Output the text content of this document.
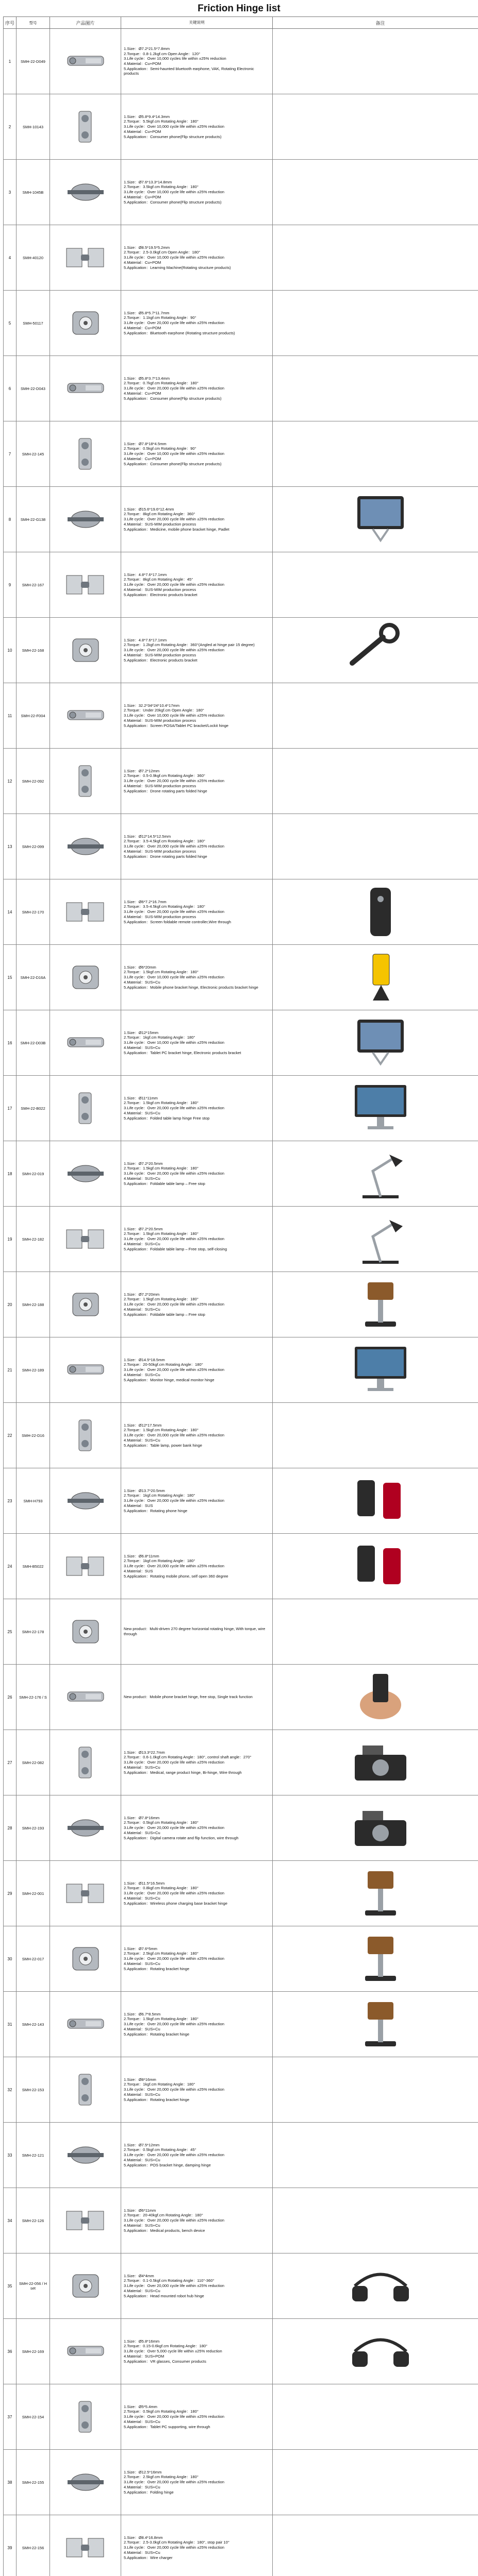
Friction Hinge list
序号	型号	产品图片	关键说明	备注
1	SMH-22-D049		1.Size：Ø7.2*21.5*7.8mm
2.Torque：0.8-1.2kgf.cm Open Angle：120°
3.Life cycle：Over 10,000 cycles life within ±25% reduction
4.Material：Cu+POM
5.Application：Semi-haunted bluetooth earphone, VAK, Rotating Electronic products	

2	SMH-10143		1.Size：Ø5.8*9.4*14.3mm
2.Torque：5.5kgf.cm Rotating Angle：180°
3.Life cycle：Over 10,000 cycle life within ±25% reduction
4.Material：Cu+POM
5.Application：Consumer phone(Flip structure products)	

3	SMH-1045B		1.Size：Ø7.6*13.3*14.8mm
2.Torque：3.5kgf.cm Rotating Angle：180°
3.Life cycle：Over 10,000 cycle life within ±25% reduction
4.Material：Cu+POM
5.Application：Consumer phone(Flip structure products)	

4	SMH-40120		1.Size：Ø8.5*19.5*5.2mm
2.Torque：2.5-3.0kgf.cm Open Angle：180°
3.Life cycle：Over 10,000 cycle life within ±25% reduction
4.Material：Cu+POM
5.Application：Learning Machine(Rotating structure products)	

5	SMH-50117		1.Size：Ø5.8*5.7*11.7mm
2.Torque：1.1kgf.cm Rotating Angle：90°
3.Life cycle：Over 20,000 cycle life within ±25% reduction
4.Material：Cu+POM
5.Application：Bluetooth earphone (Rotating structure products)	

6	SMH-22-D043		1.Size：Ø5.8*3.7*13.4mm
2.Torque：0.7kgf.cm Rotating Angle：180°
3.Life cycle：Over 20,000 cycle life within ±25% reduction
4.Material：Cu+POM
5.Application：Consumer phone(Flip structure products)	

7	SMH-22-145		1.Size：Ø7.8*18*4.5mm
2.Torque：0.5kgf.cm Rotating Angle：90°
3.Life cycle：Over 10,000 cycle life within ±25% reduction
4.Material：Cu+POM
5.Application：Consumer phone(Flip structure products)	

8	SMH-22-G138		1.Size：Ø15.6*19.6*12.4mm
2.Torque：8kgf.cm Rotating Angle：360°
3.Life cycle：Over 20,000 cycle life within ±25% reduction
4.Material：SUS-MIM production process
5.Application：Medicine, mobile phone bracket hinge, Padlet

9	SMH-22-167		1.Size：4.8*7.6*17.1mm
2.Torque：8kgf.cm Rotating Angle：45°
3.Life cycle：Over 20,000 cycle life within ±25% reduction
4.Material：SUS-MIM production process
5.Application：Electronic products bracket	

10	SMH-22-168		1.Size：4.8*7.6*17.1mm
2.Torque：1.2kgf.cm Rotating Angle：360°(Angled at hinge pair 15 degree)
3.Life cycle：Over 20,000 cycle life within ±25% reduction
4.Material：SUS-MIM production process
5.Application：Electronic products bracket

11	SMH-22-F004		1.Size：32.2*34*24*10.4*17mm
2.Torque：Under 20kgf.cm Open Angle：180°
3.Life cycle：Over 10,000 cycle life within ±25% reduction
4.Material：SUS-MIM production process
5.Application：Screen POSA/Tablet PC bracket/Lockit hinge	

12	SMH-22-092		1.Size：Ø7.2*12mm
2.Torque：0.5-0.9kgf.cm Rotating Angle：360°
3.Life cycle：Over 20,000 cycle life within ±25% reduction
4.Material：SUS-MIM production process
5.Application：Drone rotating parts folded hinge	

13	SMH-22-099		1.Size：Ø12*14.5*12.5mm
2.Torque：3.5-4.5kgf.cm Rotating Angle：180°
3.Life cycle：Over 20,000 cycle life within ±25% reduction
4.Material：SUS-MIM production process
5.Application：Drone rotating parts folded hinge	

14	SMH-22-170		1.Size：Ø6*7.2*16.7mm
2.Torque：3.5-4.5kgf.cm Rotating Angle：180°
3.Life cycle：Over 20,000 cycle life within ±25% reduction
4.Material：SUS-MIM production process
5.Application：Screen foldable remote controller,Wire through

15	SMH-22-D16A		1.Size：Ø6*20mm
2.Torque：1.5kgf.cm Rotating Angle：180°
3.Life cycle：Over 10,000 cycle life within ±25% reduction
4.Material：SUS+Cu
5.Application：Mobile phone bracket hinge, Electronic products bracket hinge

16	SMH-22-D03B		1.Size：Ø12*15mm
2.Torque：1kgf.cm Rotating Angle：180°
3.Life cycle：Over 10,000 cycle life within ±25% reduction
4.Material：SUS+Cu
5.Application：Tablet PC bracket hinge, Electronic products bracket

17	SMH-22-B022		1.Size：Ø11*11mm
2.Torque：1.5kgf.cm Rotating Angle：180°
3.Life cycle：Over 20,000 cycle life within ±25% reduction
4.Material：SUS+Cu
5.Application：Folded table lamp hinge Free stop

18	SMH-22-019		1.Size：Ø7.2*20.5mm
2.Torque：1.5kgf.cm Rotating Angle：180°
3.Life cycle：Over 20,000 cycle life within ±25% reduction
4.Material：SUS+Cu
5.Application：Foldable table lamp – Free stop

19	SMH-22-182		1.Size：Ø7.2*20.5mm
2.Torque：1.5kgf.cm Rotating Angle：180°
3.Life cycle：Over 20,000 cycle life within ±25% reduction
4.Material：SUS+Cu
5.Application：Foldable table lamp – Free stop, self-closing

20	SMH-22-188		1.Size：Ø7.2*20mm
2.Torque：1.5kgf.cm Rotating Angle：180°
3.Life cycle：Over 20,000 cycle life within ±25% reduction
4.Material：SUS+Cu
5.Application：Foldable table lamp – Free stop

21	SMH-22-189		1.Size：Ø14.5*18.5mm
2.Torque：20-50kgf.cm Rotating Angle：180°
3.Life cycle：Over 20,000 cycle life within ±25% reduction
4.Material：SUS+Cu
5.Application：Monitor hinge, medical monitor hinge

22	SMH-22-D16		1.Size：Ø12*17.5mm
2.Torque：1.5kgf.cm Rotating Angle：180°
3.Life cycle：Over 20,000 cycle life within ±25% reduction
4.Material：SUS+Cu
5.Application：Table lamp, power bank hinge	

23	SMH-H793		1.Size：Ø13.7*20.5mm
2.Torque：1kgf.cm Rotating Angle：180°
3.Life cycle：Over 20,000 cycle life within ±25% reduction
4.Material：SUS
5.Application：Rotating phone hinge

24	SMH-B5022		1.Size：Ø6.8*11mm
2.Torque：1kgf.cm Rotating Angle：180°
3.Life cycle：Over 20,000 cycle life within ±25% reduction
4.Material：SUS
5.Application：Rotating mobile phone, self open 360 degree

25	SMH-22-178		New product：Multi-driven 270 degree horizontal rotating hinge, With torque, wire through	

26	SMH-22-176 / S		New product：Mobile phone bracket hinge, free stop, Single track function

27	SMH-22-082		1.Size：Ø13.3*22.7mm
2.Torque：0.6-1.0kgf.cm Rotating Angle：180°, control shaft angle：270°
3.Life cycle：Over 20,000 cycle life within ±25% reduction
4.Material：SUS+Cu
5.Application：Medical, range product hinge, Bi-hinge, Wire through

28	SMH-22-193		1.Size：Ø7.8*16mm
2.Torque：0.5kgf.cm Rotating Angle：180°
3.Life cycle：Over 20,000 cycle life within ±25% reduction
4.Material：SUS+Cu
5.Application：Digital camera rotate and flip function, wire through

29	SMH-22-001		1.Size：Ø11.5*16.5mm
2.Torque：0.8kgf.cm Rotating Angle：180°
3.Life cycle：Over 20,000 cycle life within ±25% reduction
4.Material：SUS+Cu
5.Application：Wireless phone charging base bracket hinge

30	SMH-22-017		1.Size：Ø7.6*5mm
2.Torque：2.5kgf.cm Rotating Angle：180°
3.Life cycle：Over 20,000 cycle life within ±25% reduction
4.Material：SUS+Cu
5.Application：Rotating bracket hinge

31	SMH-22-143		1.Size：Ø6.7*8.5mm
2.Torque：1.5kgf.cm Rotating Angle：180°
3.Life cycle：Over 20,000 cycle life within ±25% reduction
4.Material：SUS+Cu
5.Application：Rotating bracket hinge

32	SMH-22-153		1.Size：Ø8*16mm
2.Torque：1kgf.cm Rotating Angle：180°
3.Life cycle：Over 20,000 cycle life within ±25% reduction
4.Material：SUS+Cu
5.Application：Rotating bracket hinge	

33	SMH-22-121		1.Size：Ø7.5*12mm
2.Torque：0.5kgf.cm Rotating Angle：45°
3.Life cycle：Over 20,000 cycle life within ±25% reduction
4.Material：SUS+Cu
5.Application：POS bracket hinge, damping hinge	

34	SMH-22-126		1.Size：Ø6*11mm
2.Torque：20-40kgf.cm Rotating Angle：180°
3.Life cycle：Over 20,000 cycle life within ±25% reduction
4.Material：SUS+Cu
5.Application：Medical products, bench device	

35	SMH-22-056 / H set		1.Size：Ø4*4mm
2.Torque：0.1-0.5kgf.cm Rotating Angle：110°-360°
3.Life cycle：Over 20,000 cycle life within ±25% reduction
4.Material：SUS+Cu
5.Application：Head mounted robot hub hinge

36	SMH-22-169		1.Size：Ø5.8*16mm
2.Torque：0.15-0.6kgf.cm Rotating Angle：180°
3.Life cycle：Over 5,000 cycle life within ±25% reduction
4.Material：SUS+POM
5.Application：VR glasses, Consumer products

37	SMH-22-154		1.Size：Ø5*5.4mm
2.Torque：0.5kgf.cm Rotating Angle：180°
3.Life cycle：Over 20,000 cycle life within ±25% reduction
4.Material：SUS+Cu
5.Application：Tablet PC supporting, wire through	

38	SMH-22-155		1.Size：Ø12.5*16mm
2.Torque：2.5kgf.cm Rotating Angle：180°
3.Life cycle：Over 20,000 cycle life within ±25% reduction
4.Material：SUS+Cu
5.Application：Folding hinge	

39	SMH-22-156		1.Size：Ø8.4*16.8mm
2.Torque：2.5-3.0kgf.cm Rotating Angle：180°, stop pair 10°
3.Life cycle：Over 20,000 cycle life within ±25% reduction
4.Material：SUS+Cu
5.Application：Wire charger	
